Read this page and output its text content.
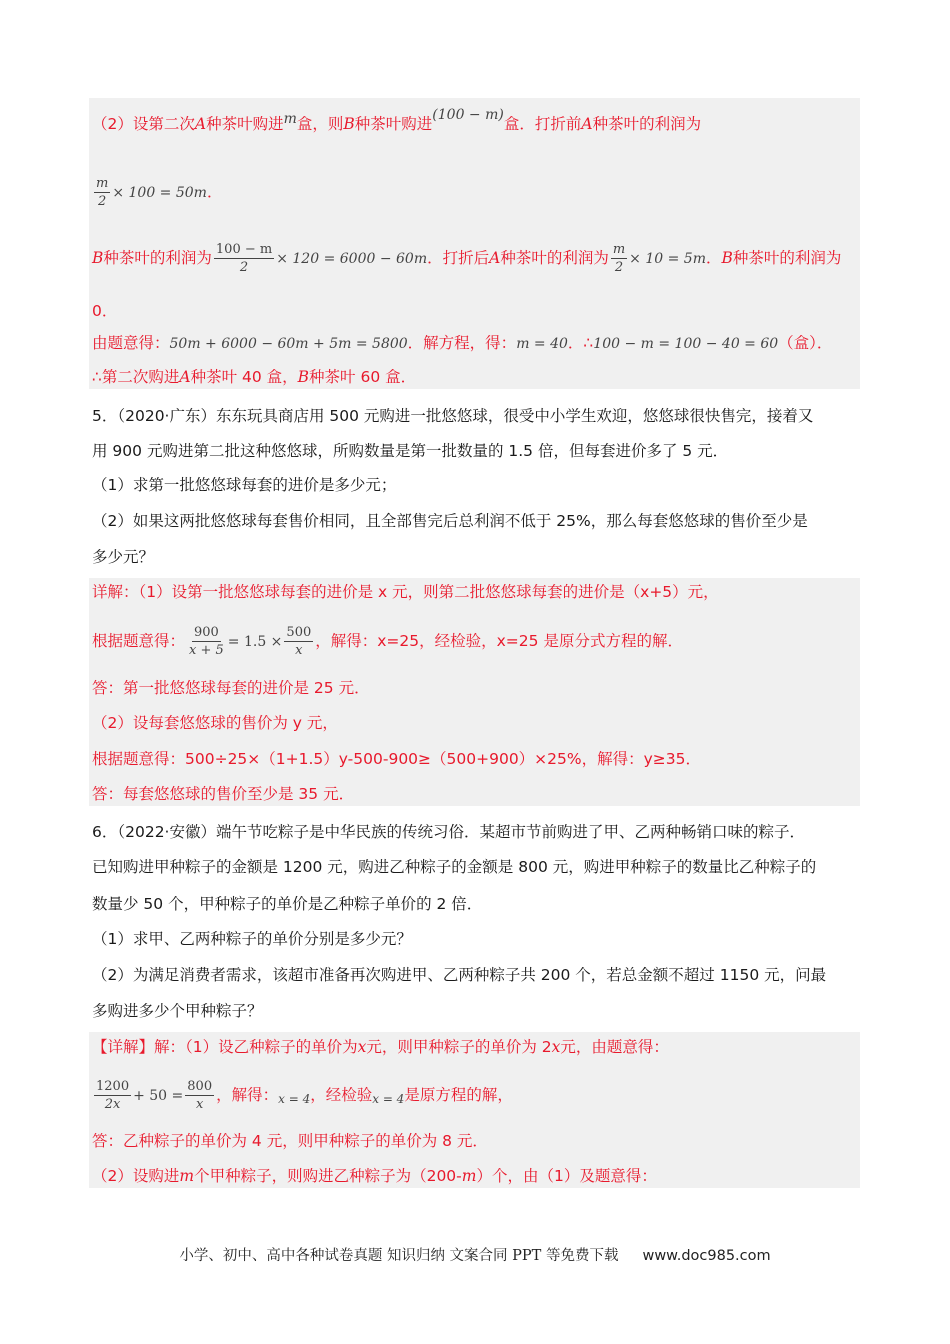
（2）设第二次A种茶叶购进m盒，则B种茶叶购进(100 − m)盒．打折前A种茶叶的利润为
$\frac{m}{2} \times 100 = 50m$．
B种茶叶的利润为 $\frac{100 - m}{2} \times 120 = 6000 - 60m$．打折后A种茶叶的利润为 $\frac{m}{2} \times 10 = 5m$．B种茶叶的利润为
0．
由题意得：50m + 6000 − 60m + 5m = 5800．解方程，得：m = 40．∴100 − m = 100 − 40 = 60（盒）．
∴第二次购进A种茶叶 40 盒，B种茶叶 60 盒．
5．（2020·广东）东东玩具商店用 500 元购进一批悠悠球，很受中小学生欢迎，悠悠球很快售完，接着又
用 900 元购进第二批这种悠悠球，所购数量是第一批数量的 1.5 倍，但每套进价多了 5 元．
（1）求第一批悠悠球每套的进价是多少元；
（2）如果这两批悠悠球每套售价相同，且全部售完后总利润不低于 25%，那么每套悠悠球的售价至少是
多少元？
详解：（1）设第一批悠悠球每套的进价是 x 元，则第二批悠悠球每套的进价是（x+5）元，
根据题意得： $\frac{900}{x + 5} = 1.5 \times \frac{500}{x}$ ，解得：x=25，经检验，x=25 是原分式方程的解．
答：第一批悠悠球每套的进价是 25 元．
（2）设每套悠悠球的售价为 y 元，
根据题意得：500÷25×（1+1.5）y-500-900≥（500+900）×25%，解得：y≥35．
答：每套悠悠球的售价至少是 35 元．
6．（2022·安徽）端午节吃粽子是中华民族的传统习俗．某超市节前购进了甲、乙两种畅销口味的粽子．
已知购进甲种粽子的金额是 1200 元，购进乙种粽子的金额是 800 元，购进甲种粽子的数量比乙种粽子的
数量少 50 个，甲种粽子的单价是乙种粽子单价的 2 倍．
（1）求甲、乙两种粽子的单价分别是多少元？
（2）为满足消费者需求，该超市准备再次购进甲、乙两种粽子共 200 个，若总金额不超过 1150 元，问最
多购进多少个甲种粽子？
【详解】解：（1）设乙种粽子的单价为x元，则甲种粽子的单价为 2x元，由题意得：
$\frac{1200}{2x} + 50 = \frac{800}{x}$ ，解得：x = 4，经检验x = 4是原方程的解，
答：乙种粽子的单价为 4 元，则甲种粽子的单价为 8 元．
（2）设购进m个甲种粽子，则购进乙种粽子为（200-m）个，由（1）及题意得：
小学、初中、高中各种试卷真题 知识归纳 文案合同 PPT 等免费下载 www.doc985.com
